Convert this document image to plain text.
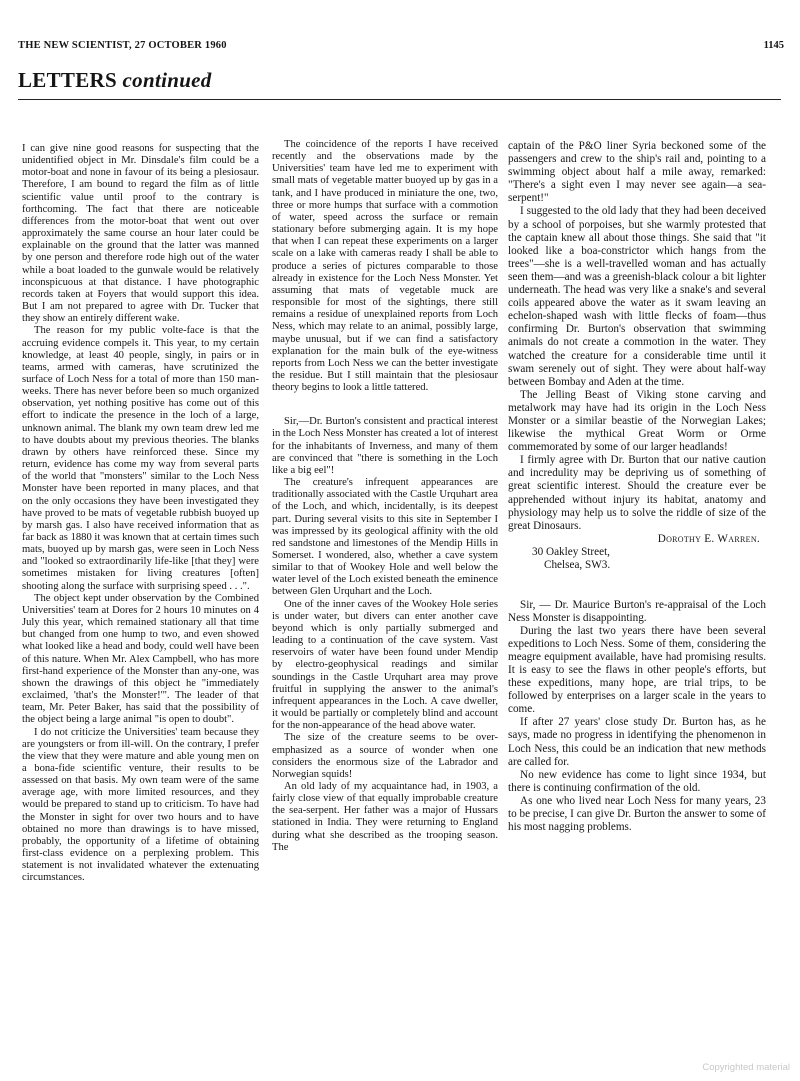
THE NEW SCIENTIST, 27 OCTOBER 1960	1145
LETTERS continued

I can give nine good reasons for suspecting that the unidentified object in Mr. Dinsdale's film could be a motor-boat and none in favour of its being a plesiosaur. Therefore, I am bound to regard the film as of little scientific value until proof to the contrary is forthcoming. The fact that there are noticeable differences from the motor-boat that went out over approximately the same course an hour later could be explainable on the ground that the latter was manned by one person and therefore rode high out of the water while a boat loaded to the gunwale would be relatively inconspicuous at that distance. I have photographic records taken at Foyers that would support this idea. But I am not prepared to agree with Dr. Tucker that they show an entirely different wake.

The reason for my public volte-face is that the accruing evidence compels it. This year, to my certain knowledge, at least 40 people, singly, in pairs or in teams, armed with cameras, have scrutinized the surface of Loch Ness for a total of more than 150 man-weeks. There has never before been so much organized observation, yet nothing positive has come out of this effort to indicate the presence in the loch of a large, unknown animal. The blank my own team drew led me to have doubts about my previous theories. The blanks drawn by others have reinforced these. Since my return, evidence has come my way from several parts of the world that "monsters" similar to the Loch Ness Monster have been reported in many places, and that on the only occasions they have been investigated they have proved to be mats of vegetable rubbish buoyed up by marsh gas. I also have received information that as far back as 1880 it was known that at certain times such mats, buoyed up by marsh gas, were seen in Loch Ness and "looked so extraordinarily life-like [that they] were sometimes mistaken for living creatures [often] shooting along the surface with surprising speed . . .".

The object kept under observation by the Combined Universities' team at Dores for 2 hours 10 minutes on 4 July this year, which remained stationary all that time but changed from one hump to two, and even showed what looked like a head and body, could well have been of this nature. When Mr. Alex Campbell, who has more first-hand experience of the Monster than any-one, was shown the drawings of this object he "immediately exclaimed, 'that's the Monster!'". The leader of that team, Mr. Peter Baker, has said that the possibility of the object being a large animal "is open to doubt".

I do not criticize the Universities' team because they are youngsters or from ill-will. On the contrary, I prefer the view that they were mature and able young men on a bona-fide scientific venture, their results to be assessed on that basis. My own team were of the same average age, with more limited resources, and they would be prepared to stand up to criticism. To have had the Monster in sight for over two hours and to have obtained no more than drawings is to have missed, probably, the opportunity of a lifetime of obtaining first-class evidence on a perplexing problem. This statement is not invalidated whatever the extenuating circumstances.

The coincidence of the reports I have received recently and the observations made by the Universities' team have led me to experiment with small mats of vegetable matter buoyed up by gas in a tank, and I have produced in miniature the one, two, three or more humps that surface with a commotion of water, speed across the surface or remain stationary before submerging again. It is my hope that when I can repeat these experiments on a larger scale on a lake with cameras ready I shall be able to produce a series of pictures comparable to those already in existence for the Loch Ness Monster. Yet assuming that mats of vegetable muck are responsible for most of the sightings, there still remains a residue of unexplained reports from Loch Ness, which may relate to an animal, possibly large, maybe unusual, but if we can find a satisfactory explanation for the main bulk of the eye-witness reports from Loch Ness we can the better investigate the residue. But I still maintain that the plesiosaur theory begins to look a little tattered.

Sir,—Dr. Burton's consistent and practical interest in the Loch Ness Monster has created a lot of interest for the inhabitants of Inverness, and many of them are convinced that "there is something in the Loch like a big eel"!

The creature's infrequent appearances are traditionally associated with the Castle Urquhart area of the Loch, and which, incidentally, is its deepest part. During several visits to this site in September I was impressed by its geological affinity with the old red sandstone and limestones of the Mendip Hills in Somerset. I wondered, also, whether a cave system similar to that of Wookey Hole and well below the water level of the Loch existed beneath the eminence between Glen Urquhart and the Loch.

One of the inner caves of the Wookey Hole series is under water, but divers can enter another cave beyond which is only partially submerged and leading to a continuation of the cave system. Vast reservoirs of water have been found under Mendip by electro-geophysical readings and similar soundings in the Castle Urquhart area may prove fruitful in supplying the answer to the animal's infrequent appearances in the Loch. A cave dweller, it would be partially or completely blind and account for the non-appearance of the head above water.

The size of the creature seems to be over-emphasized as a source of wonder when one considers the enormous size of the Labrador and Norwegian squids!

An old lady of my acquaintance had, in 1903, a fairly close view of that equally improbable creature the sea-serpent. Her father was a major of Hussars stationed in India. They were returning to England during what she described as the trooping season. The

captain of the P&O liner Syria beckoned some of the passengers and crew to the ship's rail and, pointing to a swimming object about half a mile away, remarked: "There's a sight even I may never see again—a sea-serpent!"

I suggested to the old lady that they had been deceived by a school of porpoises, but she warmly protested that the captain knew all about those things. She said that "it looked like a boa-constrictor which hangs from the trees"—she is a well-travelled woman and has actually seen them—and was a greenish-black colour a bit lighter underneath. The head was very like a snake's and several coils appeared above the water as it swam leaving an echelon-shaped wash with little flecks of foam—thus confirming Dr. Burton's observation that swimming animals do not create a commotion in the water. They watched the creature for a considerable time until it swam serenely out of sight. They were about half-way between Bombay and Aden at the time.

The Jelling Beast of Viking stone carving and metalwork may have had its origin in the Loch Ness Monster or a similar beastie of the Norwegian Lakes; likewise the mythical Great Worm or Orme commemorated by some of our larger headlands!

I firmly agree with Dr. Burton that our native caution and incredulity may be depriving us of something of great scientific interest. Should the creature ever be apprehended without injury its habitat, anatomy and physiology may help us to solve the riddle of size of the great Dinosaurs.

Dorothy E. Warren.

30 Oakley Street,

Chelsea, SW3.

Sir, — Dr. Maurice Burton's re-appraisal of the Loch Ness Monster is disappointing.

During the last two years there have been several expeditions to Loch Ness. Some of them, considering the meagre equipment available, have had promising results. It is easy to see the flaws in other people's efforts, but these expeditions, many hope, are trial trips, to be followed by enterprises on a larger scale in the years to come.

If after 27 years' close study Dr. Burton has, as he says, made no progress in identifying the phenomenon in Loch Ness, this could be an indication that new methods are called for.

No new evidence has come to light since 1934, but there is continuing confirmation of the old.

As one who lived near Loch Ness for many years, 23 to be precise, I can give Dr. Burton the answer to some of his most nagging problems.

Copyrighted material
